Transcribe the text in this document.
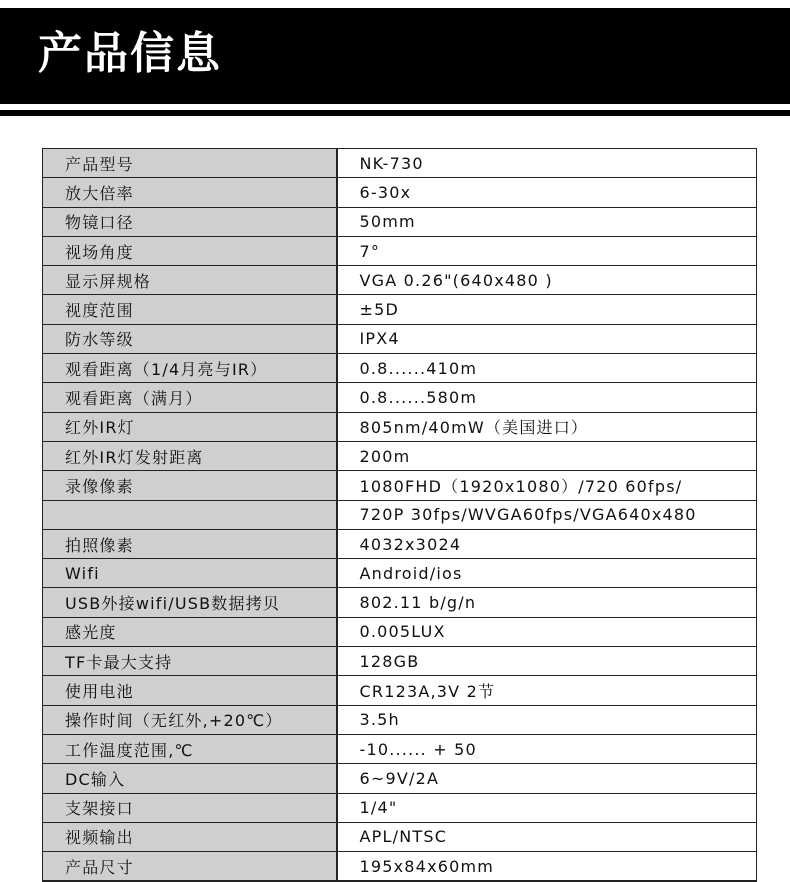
产品信息
产品型号	NK-730
放大倍率	6-30x
物镜口径	50mm
视场角度	7°
显示屏规格	VGA 0.26"(640x480 )
视度范围	±5D
防水等级	IPX4
观看距离（1/4月亮与IR）	0.8......410m
观看距离（满月）	0.8......580m
红外IR灯	805nm/40mW（美国进口）
红外IR灯发射距离	200m
录像像素	1080FHD（1920x1080）/720 60fps/
	720P 30fps/WVGA60fps/VGA640x480
拍照像素	4032x3024
Wifi	Android/ios
USB外接wifi/USB数据拷贝	802.11 b/g/n
感光度	0.005LUX
TF卡最大支持	128GB
使用电池	CR123A,3V 2节
操作时间（无红外,+20℃）	3.5h
工作温度范围,℃	-10...... + 50
DC输入	6~9V/2A
支架接口	1/4"
视频输出	APL/NTSC
产品尺寸	195x84x60mm
